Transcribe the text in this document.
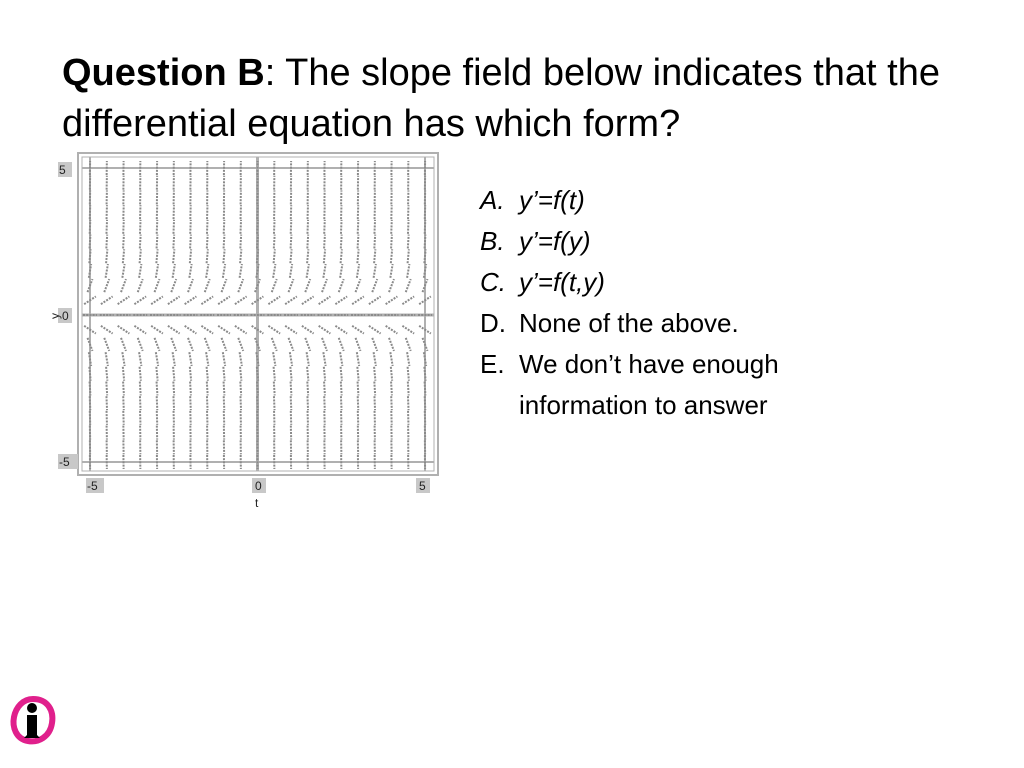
Question B: The slope field below indicates that the differential equation has which form?
5
0
-5
y
-5	0	5
t
A. y’=f(t)
B. y’=f(y)
C. y’=f(t,y)
D. None of the above.
E. We don’t have enough information to answer
